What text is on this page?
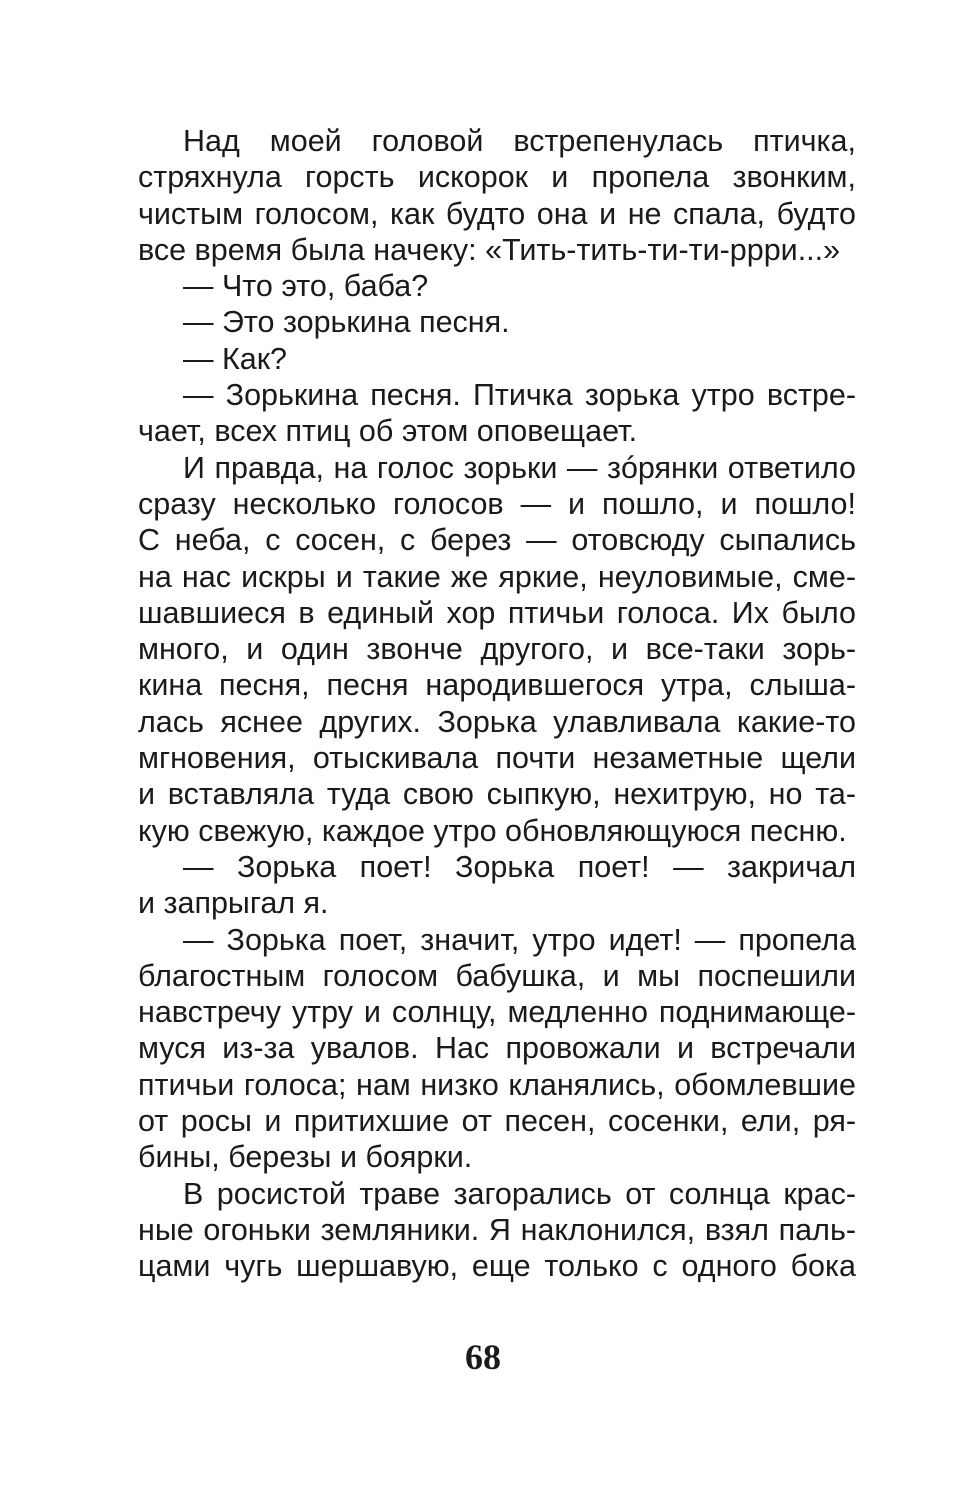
Над моей головой встрепенулась птичка,
стряхнула горсть искорок и пропела звонким,
чистым голосом, как будто она и не спала, будто
все время была начеку: «Тить-тить-ти-ти-ррри...»
— Что это, баба?
— Это зорькина песня.
— Как?
— Зорькина песня. Птичка зорька утро встре-
чает, всех птиц об этом оповещает.
И правда, на голос зорьки — зóрянки ответило
сразу несколько голосов — и пошло, и пошло!
С неба, с сосен, с берез — отовсюду сыпались
на нас искры и такие же яркие, неуловимые, сме-
шавшиеся в единый хор птичьи голоса. Их было
много, и один звонче другого, и все-таки зорь-
кина песня, песня народившегося утра, слыша-
лась яснее других. Зорька улавливала какие-то
мгновения, отыскивала почти незаметные щели
и вставляла туда свою сыпкую, нехитрую, но та-
кую свежую, каждое утро обновляющуюся песню.
— Зорька поет! Зорька поет! — закричал
и запрыгал я.
— Зорька поет, значит, утро идет! — пропела
благостным голосом бабушка, и мы поспешили
навстречу утру и солнцу, медленно поднимающе-
муся из-за увалов. Нас провожали и встречали
птичьи голоса; нам низко кланялись, обомлевшие
от росы и притихшие от песен, сосенки, ели, ря-
бины, березы и боярки.
В росистой траве загорались от солнца крас-
ные огоньки земляники. Я наклонился, взял паль-
цами чугь шершавую, еще только с одного бока
68
